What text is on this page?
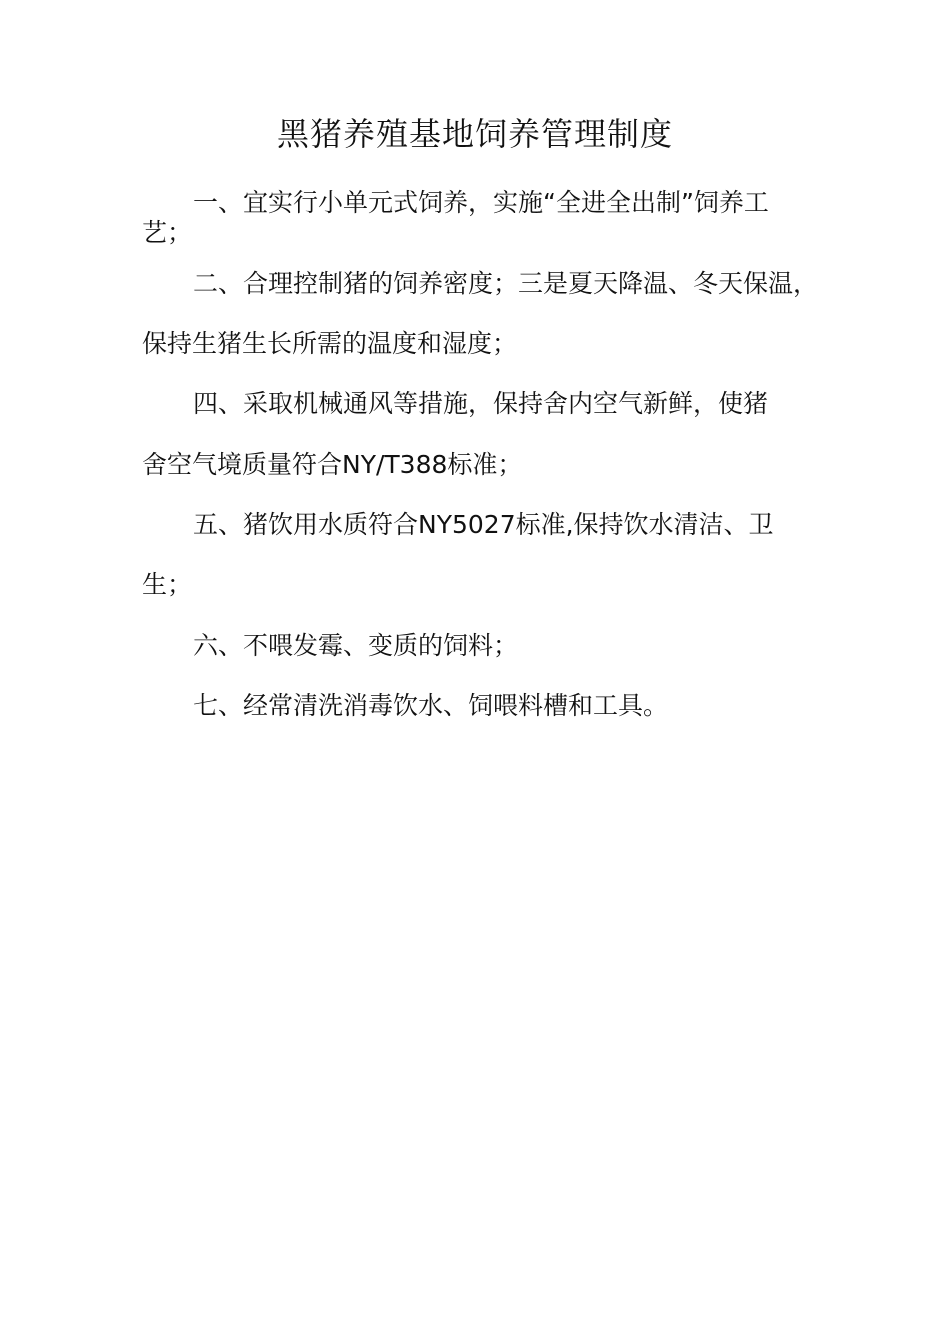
黑猪养殖基地饲养管理制度
一、宜实行小单元式饲养，实施“全进全出制”饲养工
艺；
二、合理控制猪的饲养密度；三是夏天降温、冬天保温，
保持生猪生长所需的温度和湿度；
四、采取机械通风等措施，保持舍内空气新鲜，使猪
舍空气境质量符合NY/T388标准；
五、猪饮用水质符合NY5027标准,保持饮水清洁、卫
生；
六、不喂发霉、变质的饲料；
七、经常清洗消毒饮水、饲喂料槽和工具。
